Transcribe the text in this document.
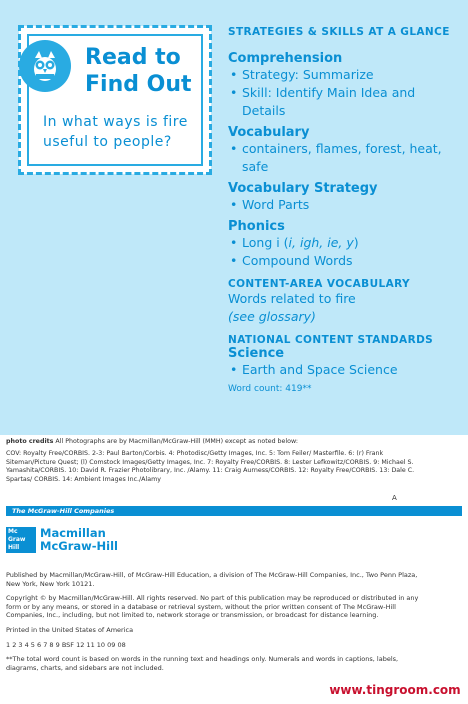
Read to
Find Out
In what ways is fire useful to people?

STRATEGIES & SKILLS AT A GLANCE

Comprehension

• Strategy: Summarize
• Skill: Identify Main Idea and Details

Vocabulary

• containers, flames, forest, heat, safe

Vocabulary Strategy

• Word Parts

Phonics

• Long i (i, igh, ie, y)
• Compound Words

CONTENT-AREA VOCABULARY

Words related to fire
(see glossary)

NATIONAL CONTENT STANDARDS

Science

• Earth and Space Science
Word count: 419**
photo credits All Photographs are by Macmillan/McGraw-Hill (MMH) except as noted below:
COV: Royalty Free/CORBIS. 2-3: Paul Barton/Corbis. 4: Photodisc/Getty Images, Inc. 5: Tom Feiler/ Masterfile. 6: (r) Frank Siteman/Picture Quest; (l) Comstock Images/Getty Images, Inc. 7: Royalty Free/CORBIS. 8: Lester Lefkowitz/CORBIS. 9: Michael S. Yamashita/CORBIS. 10: David R. Frazier Photolibrary, Inc. /Alamy. 11: Craig Aurness/CORBIS. 12: Royalty Free/CORBIS. 13: Dale C. Spartas/ CORBIS. 14: Ambient Images Inc./Alamy
A
The McGraw-Hill Companies
Mc
Graw
Hill
Macmillan
McGraw-Hill

Published by Macmillan/McGraw-Hill, of McGraw-Hill Education, a division of The McGraw-Hill Companies, Inc., Two Penn Plaza, New York, New York 10121.

Copyright © by Macmillan/McGraw-Hill. All rights reserved. No part of this publication may be reproduced or distributed in any form or by any means, or stored in a database or retrieval system, without the prior written consent of The McGraw-Hill Companies, Inc., including, but not limited to, network storage or transmission, or broadcast for distance learning.

Printed in the United States of America

1 2 3 4 5 6 7 8 9 BSF 12 11 10 09 08

**The total word count is based on words in the running text and headings only. Numerals and words in captions, labels, diagrams, charts, and sidebars are not included.

www.tingroom.com
